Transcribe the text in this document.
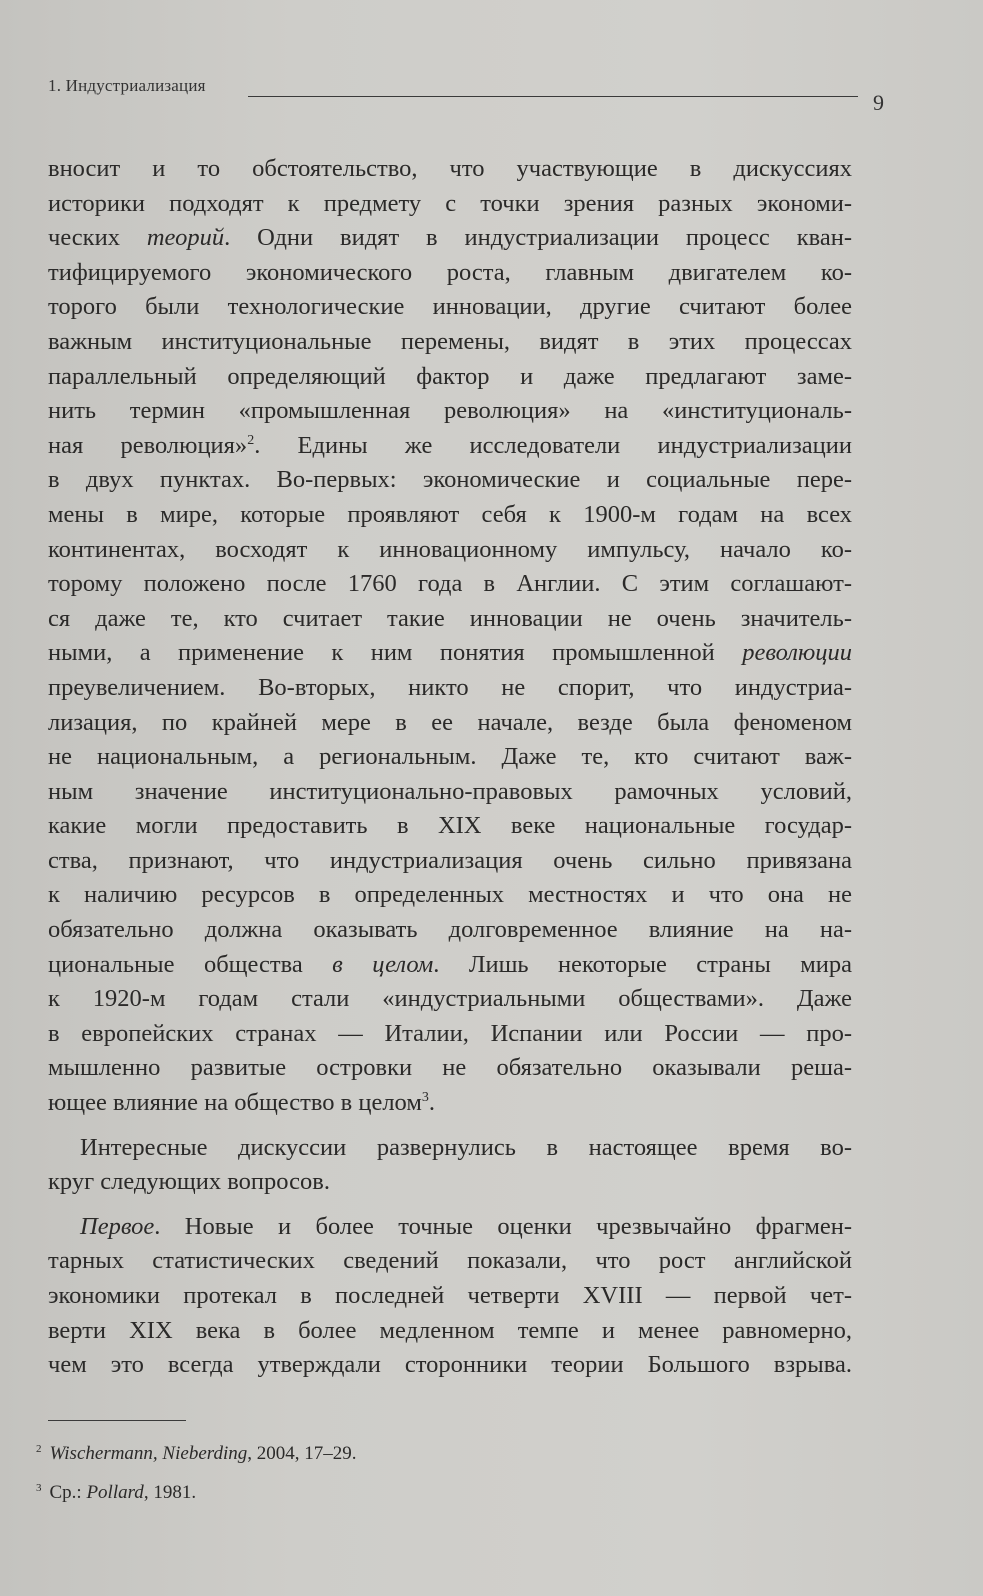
1. Индустриализация
9
вносит и то обстоятельство, что участвующие в дискуссиях
историки подходят к предмету с точки зрения разных экономи-
ческих теорий. Одни видят в индустриализации процесс кван-
тифицируемого экономического роста, главным двигателем ко-
торого были технологические инновации, другие считают более
важным институциональные перемены, видят в этих процессах
параллельный определяющий фактор и даже предлагают заме-
нить термин «промышленная революция» на «институциональ-
ная революция»$^2$. Едины же исследователи индустриализации
в двух пунктах. Во-первых: экономические и социальные пере-
мены в мире, которые проявляют себя к 1900-м годам на всех
континентах, восходят к инновационному импульсу, начало ко-
торому положено после 1760 года в Англии. С этим соглашают-
ся даже те, кто считает такие инновации не очень значитель-
ными, а применение к ним понятия промышленной революции
преувеличением. Во-вторых, никто не спорит, что индустриа-
лизация, по крайней мере в ее начале, везде была феноменом
не национальным, а региональным. Даже те, кто считают важ-
ным значение институционально-правовых рамочных условий,
какие могли предоставить в XIX веке национальные государ-
ства, признают, что индустриализация очень сильно привязана
к наличию ресурсов в определенных местностях и что она не
обязательно должна оказывать долговременное влияние на на-
циональные общества в целом. Лишь некоторые страны мира
к 1920-м годам стали «индустриальными обществами». Даже
в европейских странах — Италии, Испании или России — про-
мышленно развитые островки не обязательно оказывали реша-
ющее влияние на общество в целом$^3$.
Интересные дискуссии развернулись в настоящее время во-
круг следующих вопросов.
Первое. Новые и более точные оценки чрезвычайно фрагмен-
тарных статистических сведений показали, что рост английской
экономики протекал в последней четверти XVIII — первой чет-
верти XIX века в более медленном темпе и менее равномерно,
чем это всегда утверждали сторонники теории Большого взрыва.
$^2$ Wischermann, Nieberding, 2004, 17–29.
$^3$ Ср.: Pollard, 1981.
